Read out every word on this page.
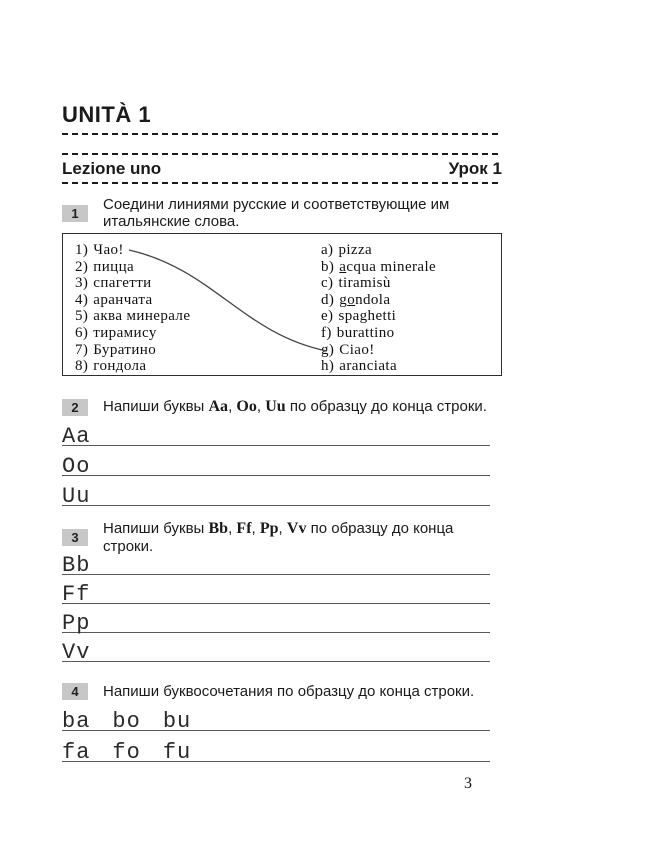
UNITÀ 1
Lezione uno	Урок 1
1	Соедини линиями русские и соответствующие им итальянские слова.
1) Чао!
2) пицца
3) спагетти
4) аранчата
5) аква минерале
6) тирамису
7) Буратино
8) гондола
a) pizza
b) acqua minerale
c) tiramisù
d) gondola
e) spaghetti
f) burattino
g) Ciao!
h) aranciata
2	Напиши буквы Aa, Oo, Uu по образцу до конца строки.
Aa
Oo
Uu
3
Напиши буквы Bb, Ff, Pp, Vv по образцу до конца строки.
Bb
Ff
Pp
Vv
4	Напиши буквосочетания по образцу до конца строки.
ba bo bu
fa fo fu
3
